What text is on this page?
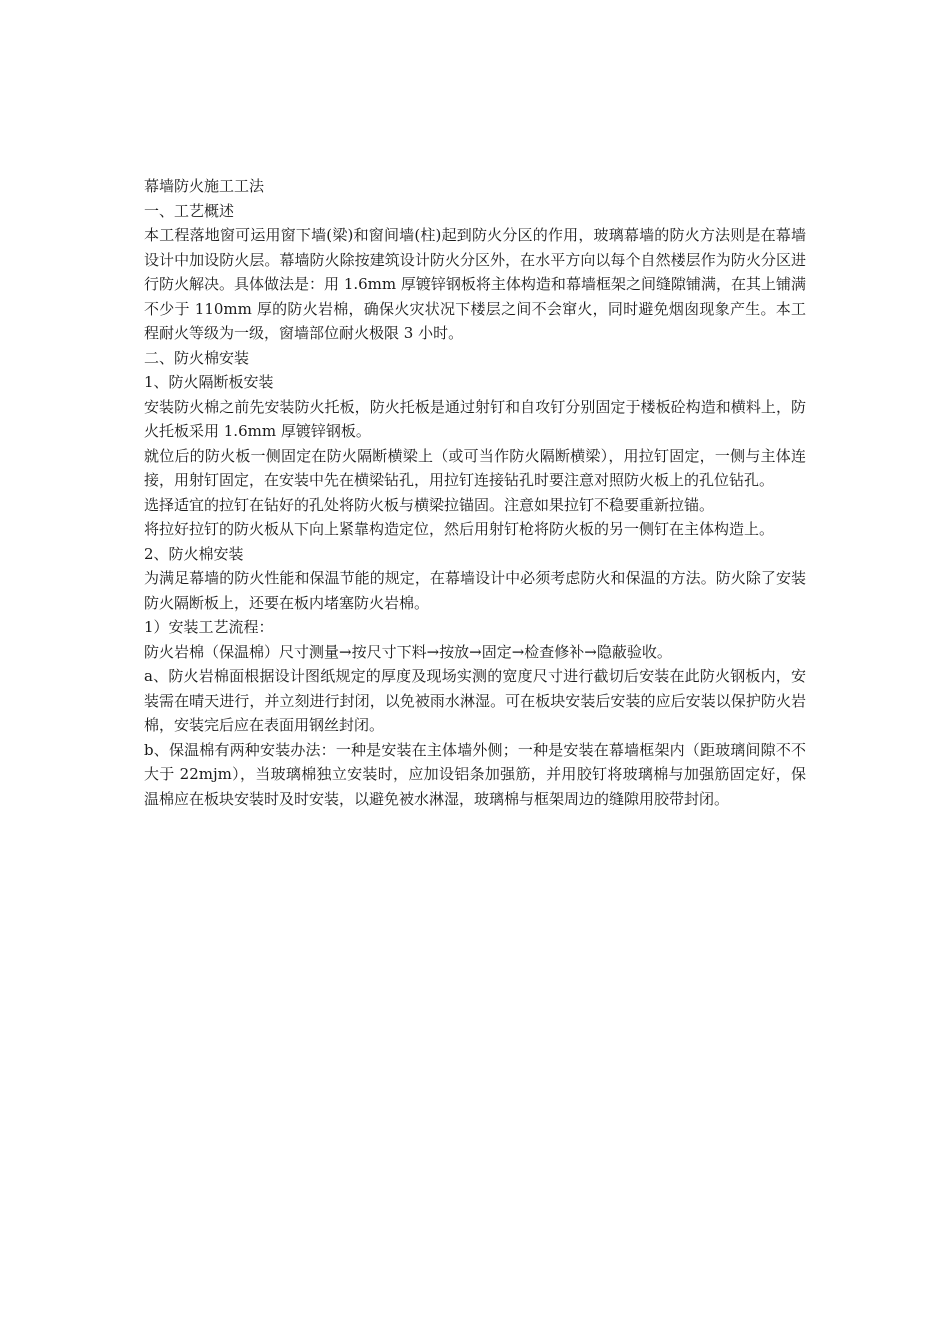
幕墙防火施工工法

一、工艺概述

本工程落地窗可运用窗下墙(梁)和窗间墙(柱)起到防火分区的作用，玻璃幕墙的防火方法则是在幕墙设计中加设防火层。幕墙防火除按建筑设计防火分区外，在水平方向以每个自然楼层作为防火分区进行防火解决。具体做法是：用 1.6mm 厚镀锌钢板将主体构造和幕墙框架之间缝隙铺满，在其上铺满不少于 110mm 厚的防火岩棉，确保火灾状况下楼层之间不会窜火，同时避免烟囱现象产生。本工程耐火等级为一级，窗墙部位耐火极限 3 小时。

二、防火棉安装

1、防火隔断板安装

安装防火棉之前先安装防火托板，防火托板是通过射钉和自攻钉分别固定于楼板砼构造和横料上，防火托板采用 1.6mm 厚镀锌钢板。

就位后的防火板一侧固定在防火隔断横梁上（或可当作防火隔断横梁），用拉钉固定，一侧与主体连接，用射钉固定，在安装中先在横梁钻孔，用拉钉连接钻孔时要注意对照防火板上的孔位钻孔。

选择适宜的拉钉在钻好的孔处将防火板与横梁拉锚固。注意如果拉钉不稳要重新拉锚。

将拉好拉钉的防火板从下向上紧靠构造定位，然后用射钉枪将防火板的另一侧钉在主体构造上。

2、防火棉安装

为满足幕墙的防火性能和保温节能的规定，在幕墙设计中必须考虑防火和保温的方法。防火除了安装防火隔断板上，还要在板内堵塞防火岩棉。

1）安装工艺流程：

防火岩棉（保温棉）尺寸测量→按尺寸下料→按放→固定→检查修补→隐蔽验收。

a、防火岩棉面根据设计图纸规定的厚度及现场实测的宽度尺寸进行截切后安装在此防火钢板内，安装需在晴天进行，并立刻进行封闭，以免被雨水淋湿。可在板块安装后安装的应后安装以保护防火岩棉，安装完后应在表面用钢丝封闭。

b、保温棉有两种安装办法：一种是安装在主体墙外侧；一种是安装在幕墙框架内（距玻璃间隙不不大于 22mjm），当玻璃棉独立安装时，应加设铝条加强筋，并用胶钉将玻璃棉与加强筋固定好，保温棉应在板块安装时及时安装，以避免被水淋湿，玻璃棉与框架周边的缝隙用胶带封闭。
